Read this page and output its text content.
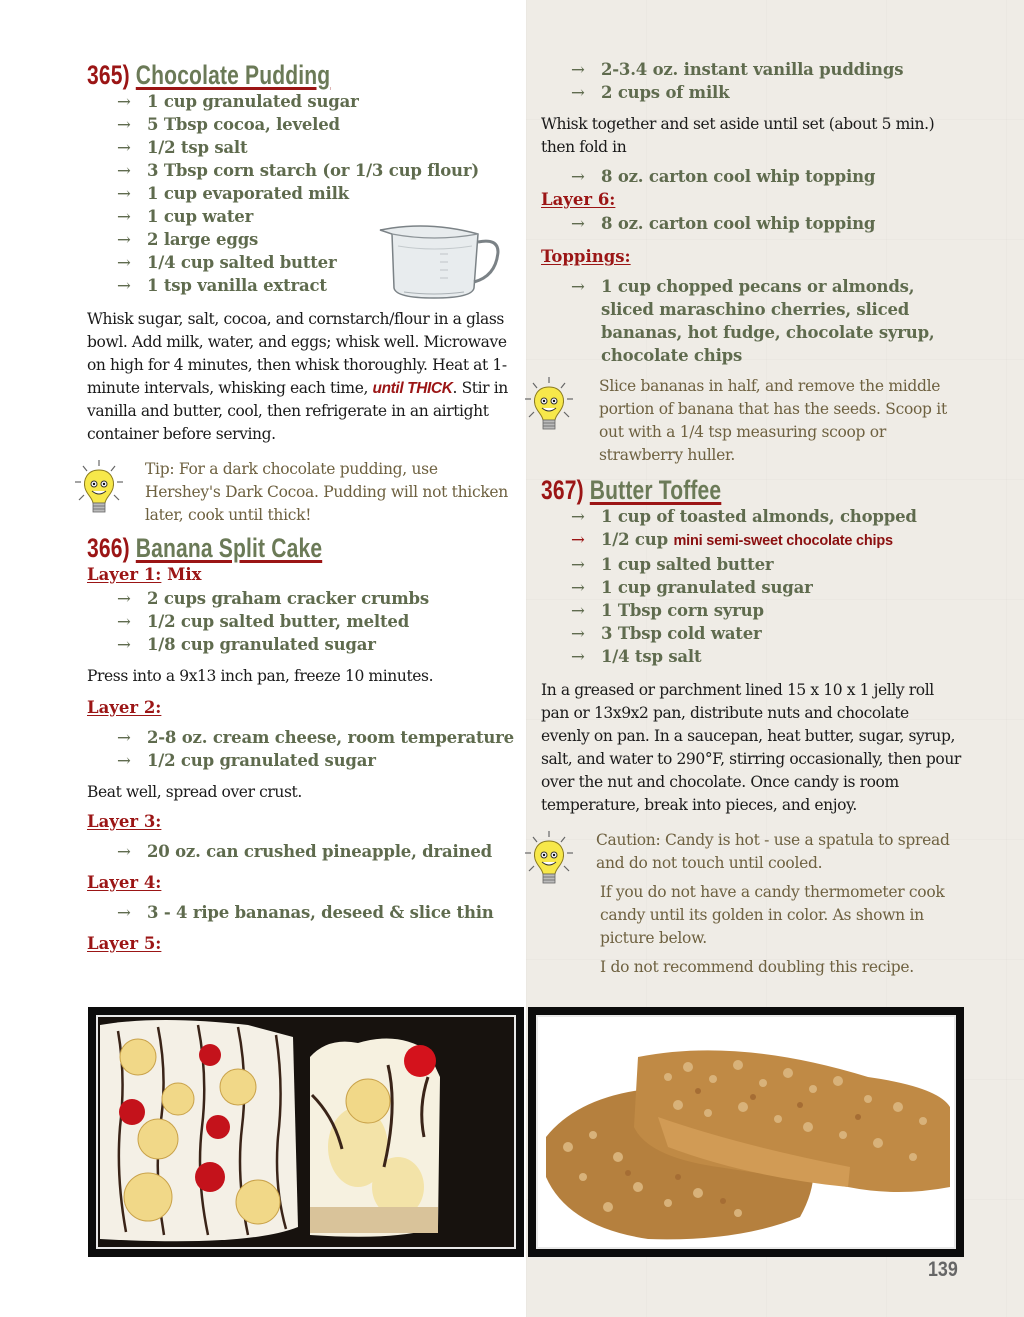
365) Chocolate Pudding
→ 1 cup granulated sugar
→ 5 Tbsp cocoa, leveled
→ 1/2 tsp salt
→ 3 Tbsp corn starch (or 1/3 cup flour)
→ 1 cup evaporated milk
→ 1 cup water
→ 2 large eggs
→ 1/4 cup salted butter
→ 1 tsp vanilla extract

Whisk sugar, salt, cocoa, and cornstarch/flour in a glass bowl. Add milk, water, and eggs; whisk well. Microwave on high for 4 minutes, then whisk thoroughly. Heat at 1-minute intervals, whisking each time, until THICK. Stir in vanilla and butter, cool, then refrigerate in an airtight container before serving.

Tip: For a dark chocolate pudding, use Hershey's Dark Cocoa. Pudding will not thicken later, cook until thick!

366) Banana Split Cake
Layer 1: Mix
→ 2 cups graham cracker crumbs
→ 1/2 cup salted butter, melted
→ 1/8 cup granulated sugar

Press into a 9x13 inch pan, freeze 10 minutes.

Layer 2:
→ 2-8 oz. cream cheese, room temperature
→ 1/2 cup granulated sugar

Beat well, spread over crust.

Layer 3:
→ 20 oz. can crushed pineapple, drained
Layer 4:
→ 3 - 4 ripe bananas, deseed & slice thin
Layer 5:
→ 2-3.4 oz. instant vanilla puddings
→ 2 cups of milk

Whisk together and set aside until set (about 5 min.) then fold in

→ 8 oz. carton cool whip topping
Layer 6:
→ 8 oz. carton cool whip topping
Toppings:
→ 1 cup chopped pecans or almonds, sliced maraschino cherries, sliced bananas, hot fudge, chocolate syrup, chocolate chips

Slice bananas in half, and remove the middle portion of banana that has the seeds. Scoop it out with a 1/4 tsp measuring scoop or strawberry huller.

367) Butter Toffee
→ 1 cup of toasted almonds, chopped
→ 1/2 cup mini semi-sweet chocolate chips
→ 1 cup salted butter
→ 1 cup granulated sugar
→ 1 Tbsp corn syrup
→ 3 Tbsp cold water
→ 1/4 tsp salt

In a greased or parchment lined 15 x 10 x 1 jelly roll pan or 13x9x2 pan, distribute nuts and chocolate evenly on pan. In a saucepan, heat butter, sugar, syrup, salt, and water to 290°F, stirring occasionally, then pour over the nut and chocolate. Once candy is room temperature, break into pieces, and enjoy.

Caution: Candy is hot - use a spatula to spread and do not touch until cooled.

If you do not have a candy thermometer cook candy until its golden in color. As shown in picture below.

I do not recommend doubling this recipe.

139
